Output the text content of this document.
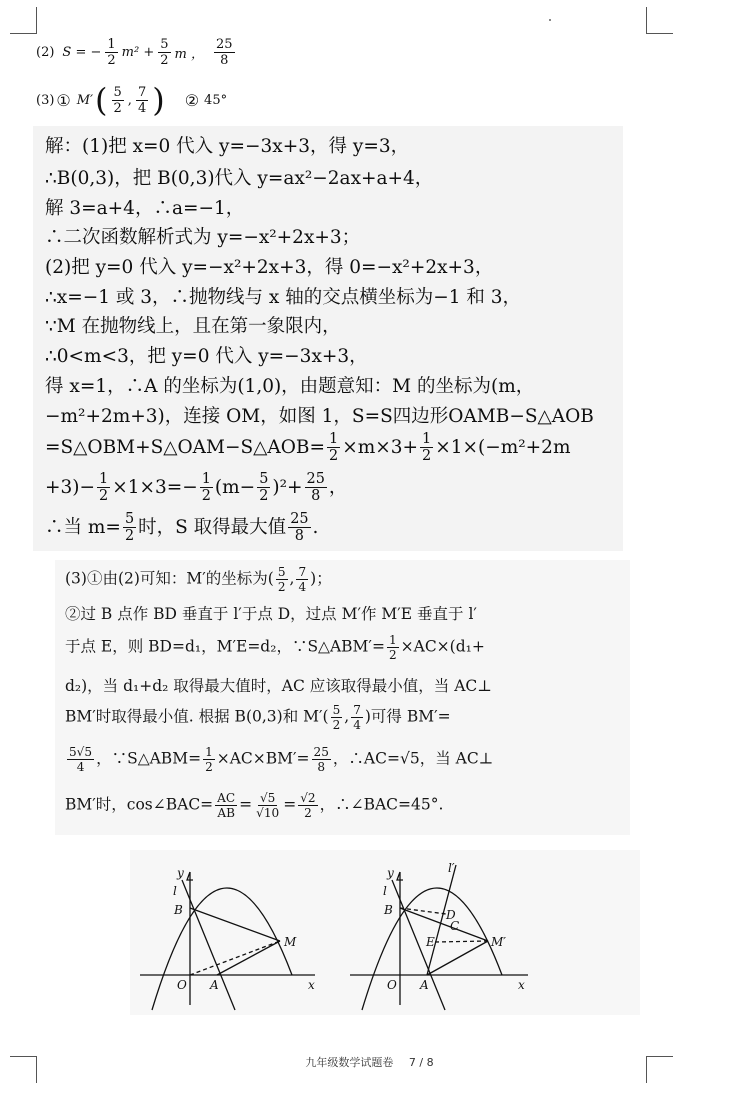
(2) S = − $\frac{1}{2} m^2 + \frac{5}{2}$ m ， $\frac{25}{8}$
(3) ① M′ ( $\frac{5}{2}$ , $\frac{7}{4}$ ) ② 45°
解：(1)把 x=0 代入 y=−3x+3，得 y=3，
∴B(0,3)，把 B(0,3)代入 y=ax²−2ax+a+4，
解 3=a+4，∴a=−1，
∴二次函数解析式为 y=−x²+2x+3；
(2)把 y=0 代入 y=−x²+2x+3，得 0=−x²+2x+3，
∴x=−1 或 3，∴抛物线与 x 轴的交点横坐标为−1 和 3，
∵M 在抛物线上，且在第一象限内，
∴0<m<3，把 y=0 代入 y=−3x+3，
得 x=1，∴A 的坐标为(1,0)，由题意知：M 的坐标为(m，
−m²+2m+3)，连接 OM，如图 1，S=S四边形OAMB−S△AOB
=S△OBM+S△OAM−S△AOB= $\frac{1}{2} \times m\times 3+ \frac{1}{2} \times 1\times(-m^2+2m$
$+3)- \frac{1}{2} \times 1\times 3=- \frac{1}{2} (m- \frac{5}{2} )^2+ \frac{25}{8}$ ，
∴当 $m= \frac{5}{2}$ 时，S 取得最大值 $\frac{25}{8}$ .
(3)①由(2)可知：M′的坐标为( $\frac{5}{2}$ , $\frac{7}{4}$ )；
②过 B 点作 BD 垂直于 l′于点 D，过点 M′作 M′E 垂直于 l′
于点 E，则 BD=d₁，M′E=d₂，∵S△ABM′= $\frac{1}{2} \times AC\times(d_1+$
d₂)，当 d₁+d₂ 取得最大值时，AC 应该取得最小值，当 AC⊥
BM′时取得最小值. 根据 B(0,3)和 $M'( \frac{5}{2}$ , $\frac{7}{4}$ )可得 BM′=
$\frac{5√5}{4}$ ，∵S△ABM= $\frac{1}{2} \times AC\times BM'= \frac{25}{8}$ ，∴AC=√5，当 AC⊥
BM′时，cos∠BAC= $\frac{AC}{AB} = \frac{√5}{√10} = \frac{√2}{2}$ ，∴∠BAC=45°.
y
l
B
M
O A	x
y
l
l′
B	D
C
E	M′
O A	x
九年级数学试题卷 7 / 8
